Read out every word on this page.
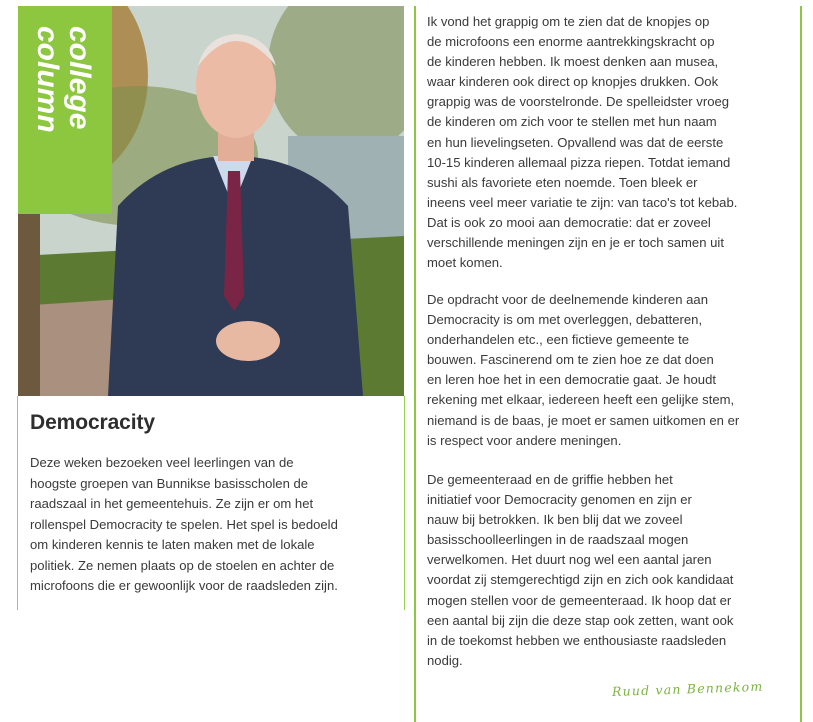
college
column
Democracity

Deze weken bezoeken veel leerlingen van de
hoogste groepen van Bunnikse basisscholen de
raadszaal in het gemeentehuis. Ze zijn er om het
rollenspel Democracity te spelen. Het spel is bedoeld
om kinderen kennis te laten maken met de lokale
politiek. Ze nemen plaats op de stoelen en achter de
microfoons die er gewoonlijk voor de raadsleden zijn.

Ik vond het grappig om te zien dat de knopjes op
de microfoons een enorme aantrekkingskracht op
de kinderen hebben. Ik moest denken aan musea,
waar kinderen ook direct op knopjes drukken. Ook
grappig was de voorstelronde. De spelleidster vroeg
de kinderen om zich voor te stellen met hun naam
en hun lievelingseten. Opvallend was dat de eerste
10-15 kinderen allemaal pizza riepen. Totdat iemand
sushi als favoriete eten noemde. Toen bleek er
ineens veel meer variatie te zijn: van taco's tot kebab.
Dat is ook zo mooi aan democratie: dat er zoveel
verschillende meningen zijn en je er toch samen uit
moet komen.

De opdracht voor de deelnemende kinderen aan
Democracity is om met overleggen, debatteren,
onderhandelen etc., een fictieve gemeente te
bouwen. Fascinerend om te zien hoe ze dat doen
en leren hoe het in een democratie gaat. Je houdt
rekening met elkaar, iedereen heeft een gelijke stem,
niemand is de baas, je moet er samen uitkomen en er
is respect voor andere meningen.

De gemeenteraad en de griffie hebben het
initiatief voor Democracity genomen en zijn er
nauw bij betrokken. Ik ben blij dat we zoveel
basisschoolleerlingen in de raadszaal mogen
verwelkomen. Het duurt nog wel een aantal jaren
voordat zij stemgerechtigd zijn en zich ook kandidaat
mogen stellen voor de gemeenteraad. Ik hoop dat er
een aantal bij zijn die deze stap ook zetten, want ook
in de toekomst hebben we enthousiaste raadsleden
nodig.

Ruud van Bennekom
